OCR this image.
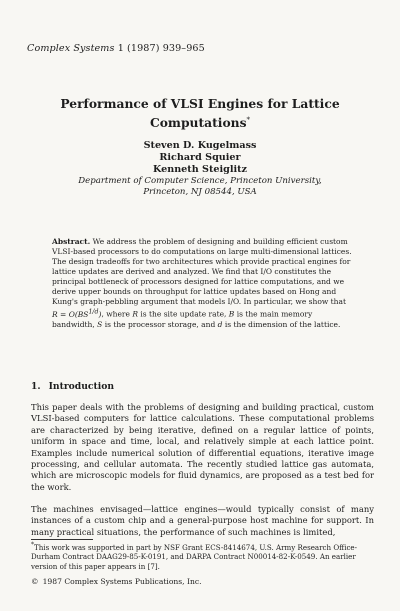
Complex Systems 1 (1987) 939–965
Performance of VLSI Engines for Lattice
Computations*
Steven D. Kugelmass
Richard Squier
Kenneth Steiglitz
Department of Computer Science, Princeton University,
Princeton, NJ 08544, USA
Abstract. We address the problem of designing and building efficient custom VLSI-based processors to do computations on large multi-dimensional lattices. The design tradeoffs for two architectures which provide practical engines for lattice updates are derived and analyzed. We find that I/O constitutes the principal bottleneck of processors designed for lattice computations, and we derive upper bounds on throughput for lattice updates based on Hong and Kung's graph-pebbling argument that models I/O. In particular, we show that $R = O(BS^{1/d})$, where R is the site update rate, B is the main memory bandwidth, S is the processor storage, and d is the dimension of the lattice.
1. Introduction
This paper deals with the problems of designing and building practical, custom VLSI-based computers for lattice calculations. These computational problems are characterized by being iterative, defined on a regular lattice of points, uniform in space and time, local, and relatively simple at each lattice point. Examples include numerical solution of differential equations, iterative image processing, and cellular automata. The recently studied lattice gas automata, which are microscopic models for fluid dynamics, are proposed as a test bed for the work.
The machines envisaged—lattice engines—would typically consist of many instances of a custom chip and a general-purpose host machine for support. In many practical situations, the performance of such machines is limited,
*This work was supported in part by NSF Grant ECS-8414674, U.S. Army Research Office-Durham Contract DAAG29-85-K-0191, and DARPA Contract N00014-82-K-0549. An earlier version of this paper appears in [7].
© 1987 Complex Systems Publications, Inc.
